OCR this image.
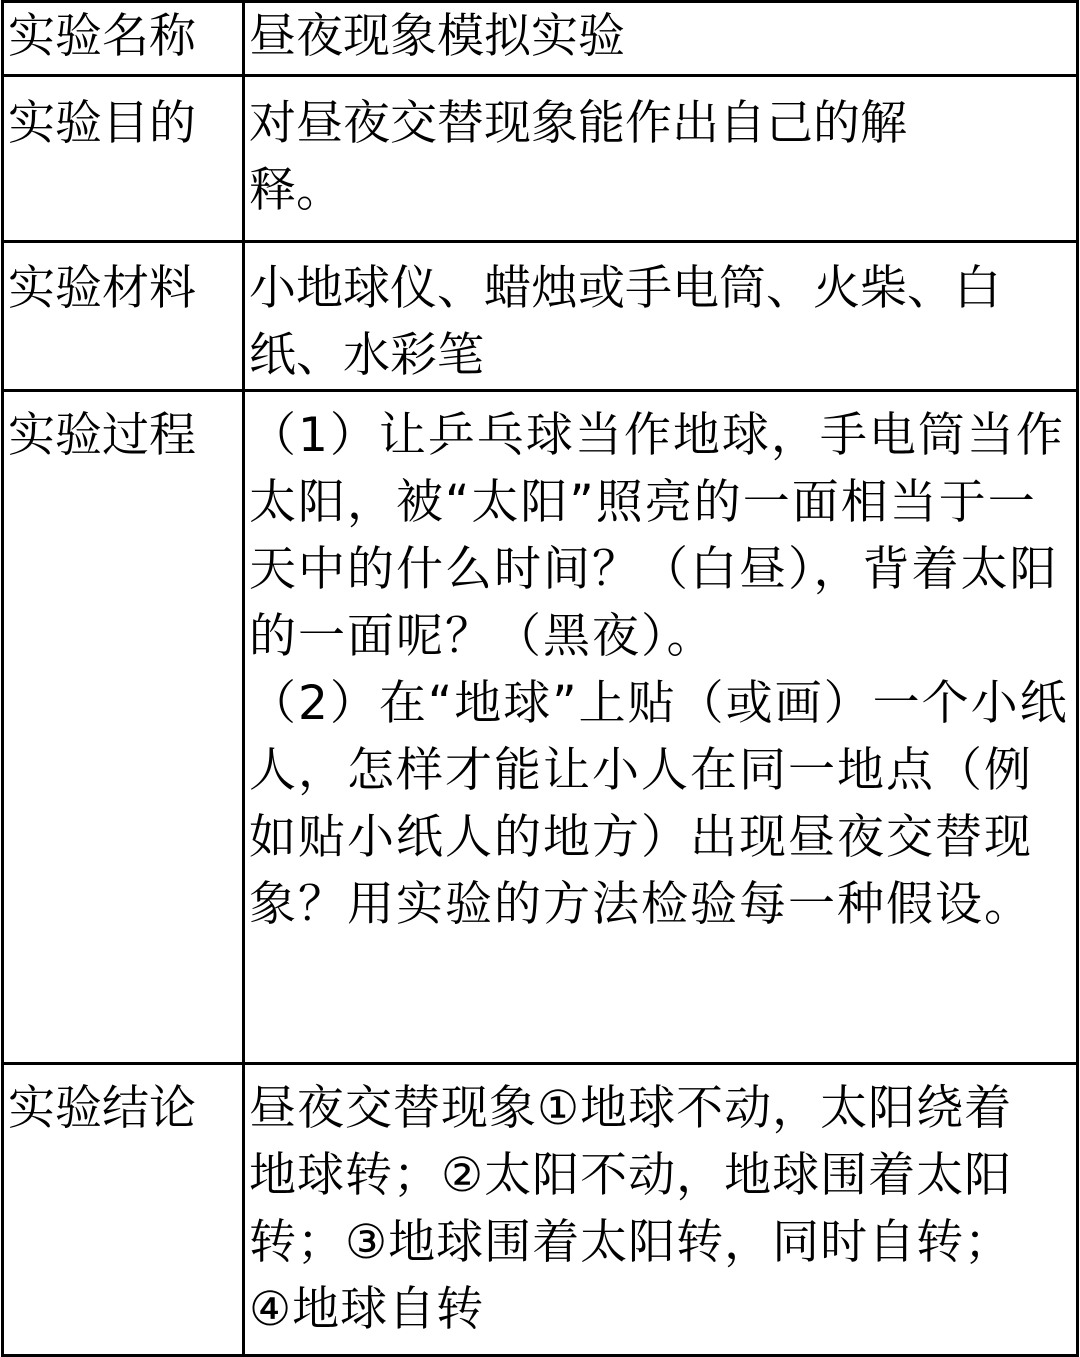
实验名称	昼夜现象模拟实验
实验目的	对昼夜交替现象能作出自己的解释。
实验材料	小地球仪、蜡烛或手电筒、火柴、白纸、水彩笔
实验过程	（1）让乒乓球当作地球，手电筒当作太阳，被“太阳”照亮的一面相当于一天中的什么时间？（白昼），背着太阳的一面呢？（黑夜）。
（2）在“地球”上贴（或画）一个小纸人，怎样才能让小人在同一地点（例如贴小纸人的地方）出现昼夜交替现象？用实验的方法检验每一种假设。

实验结论	昼夜交替现象①地球不动，太阳绕着地球转；②太阳不动，地球围着太阳转；③地球围着太阳转，同时自转；④地球自转
